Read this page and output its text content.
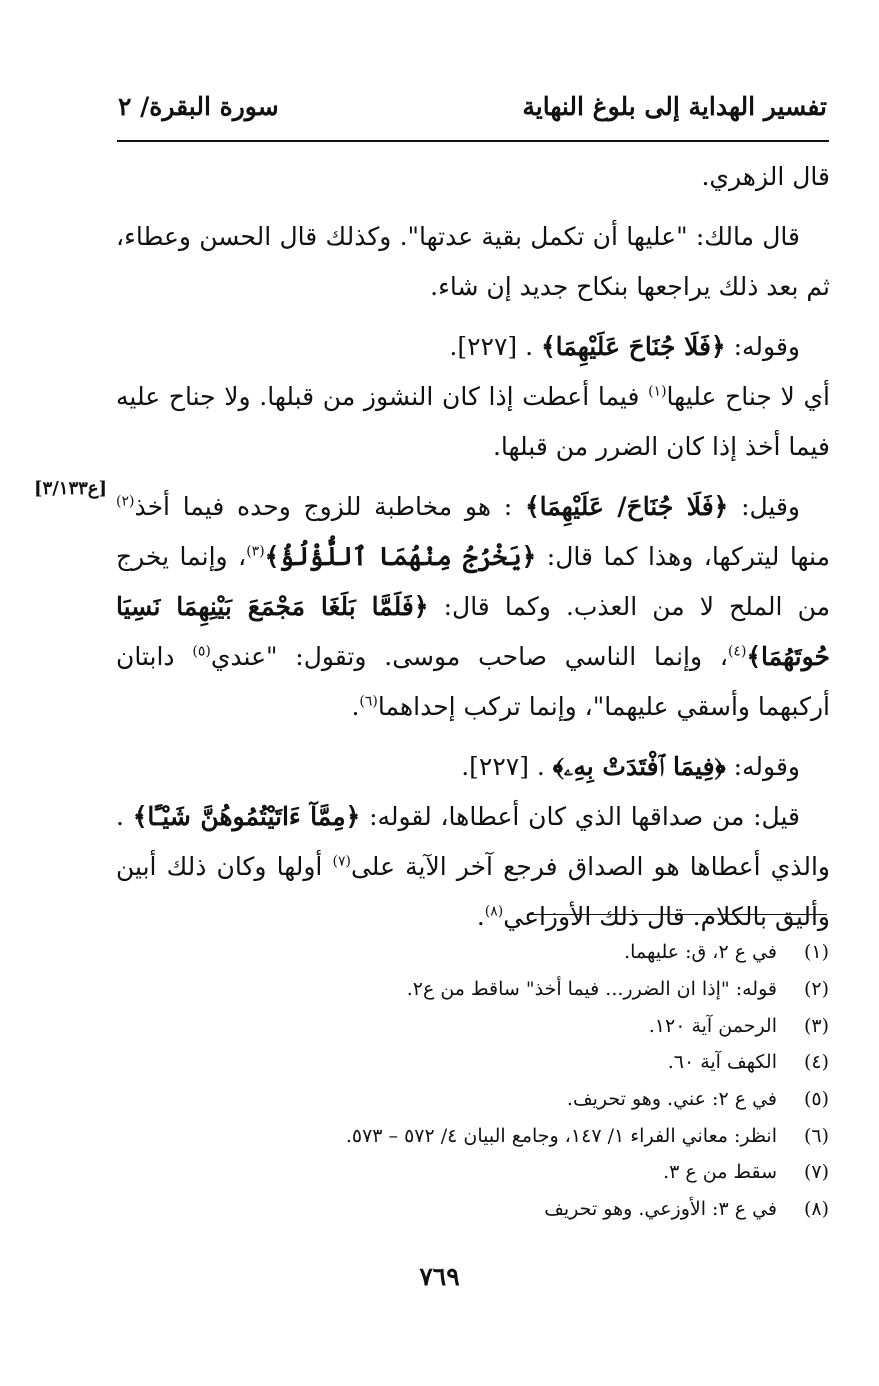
تفسير الهداية إلى بلوغ النهاية
سورة البقرة/ ٢

قال الزهري.

قال مالك: "عليها أن تكمل بقية عدتها". وكذلك قال الحسن وعطاء، ثم بعد ذلك يراجعها بنكاح جديد إن شاء.

وقوله: ﴿فَلَا جُنَاحَ عَلَيْهِمَا﴾ . [٢٢٧].

أي لا جناح عليها$^{(١)}$ فيما أعطت إذا كان النشوز من قبلها. ولا جناح عليه فيما أخذ إذا كان الضرر من قبلها.

وقيل: ﴿فَلَا جُنَاحَ/ عَلَيْهِمَا﴾ : هو مخاطبة للزوج وحده فيما أخذ$^{(٢)}$ منها ليتركها، وهذا كما قال: ﴿يَخْرُجُ مِنْهُمَا ٱللُّؤْلُؤُ﴾$^{(٣)}$، وإنما يخرج من الملح لا من العذب. وكما قال: ﴿فَلَمَّا بَلَغَا مَجْمَعَ بَيْنِهِمَا نَسِيَا حُوتَهُمَا﴾$^{(٤)}$، وإنما الناسي صاحب موسى. وتقول: "عندي$^{(٥)}$ دابتان أركبهما وأسقي عليهما"، وإنما تركب إحداهما$^{(٦)}$.

وقوله: ﴿فِيمَا ٱفْتَدَتْ بِهِۦ﴾ . [٢٢٧].

قيل: من صداقها الذي كان أعطاها، لقوله: ﴿مِمَّآ ءَاتَيْتُمُوهُنَّ شَيْـًٔا﴾ . والذي أعطاها هو الصداق فرجع آخر الآية على$^{(٧)}$ أولها وكان ذلك أبين وأليق بالكلام. قال ذلك الأوزاعي$^{(٨)}$.

[ع٣/١٣٣]
(١)
في ع ٢، ق: عليهما.
(٢)
قوله: "إذا ان الضرر... فيما أخذ" ساقط من ع٢.
(٣)
الرحمن آية ١٢٠.
(٤)
الكهف آية ٦٠.
(٥)
في ع ٢: عني. وهو تحريف.
(٦)
انظر: معاني الفراء ١/ ١٤٧، وجامع البيان ٤/ ٥٧٢ – ٥٧٣.
(٧)
سقط من ع ٣.
(٨)
في ع ٣: الأوزعي. وهو تحريف
٧٦٩
